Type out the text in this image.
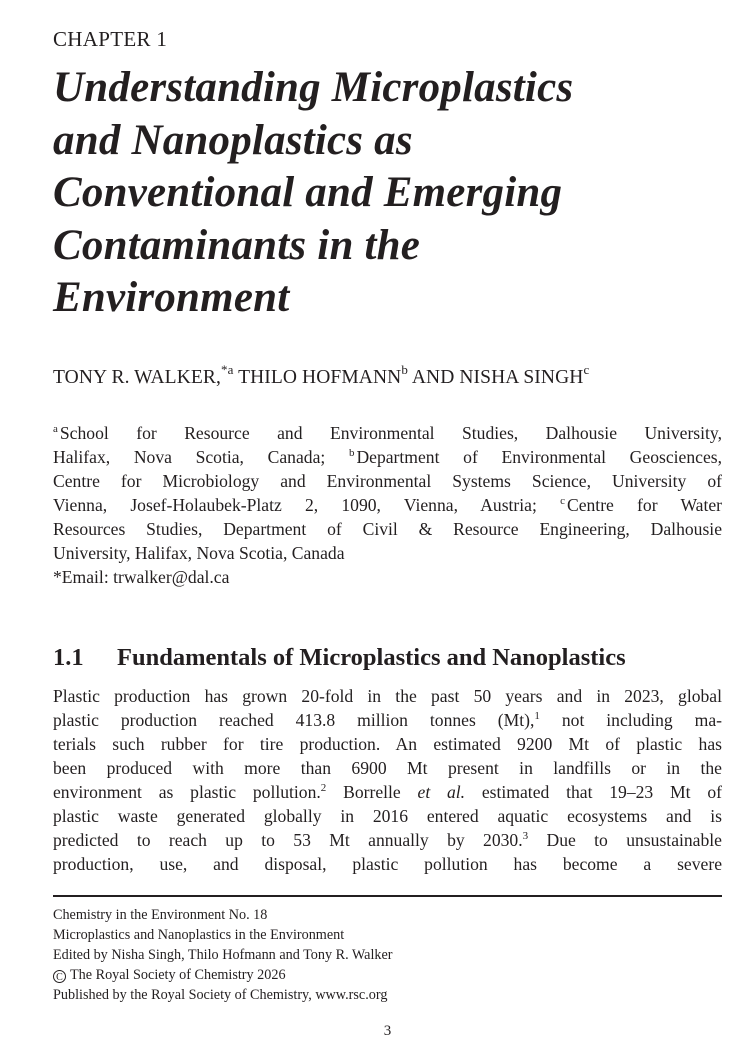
CHAPTER 1
Understanding Microplastics
and Nanoplastics as
Conventional and Emerging
Contaminants in the
Environment
TONY R. WALKER,$^{*a}$ THILO HOFMANN$^b$ AND NISHA SINGH$^c$
$^a$ School for Resource and Environmental Studies, Dalhousie University,
Halifax, Nova Scotia, Canada; $^b$ Department of Environmental Geosciences,
Centre for Microbiology and Environmental Systems Science, University of
Vienna, Josef-Holaubek-Platz 2, 1090, Vienna, Austria; $^c$ Centre for Water
Resources Studies, Department of Civil & Resource Engineering, Dalhousie
University, Halifax, Nova Scotia, Canada
*Email: trwalker@dal.ca
1.1 Fundamentals of Microplastics and Nanoplastics
Plastic production has grown 20-fold in the past 50 years and in 2023, global
plastic production reached 413.8 million tonnes (Mt),$^1$ not including ma-
terials such rubber for tire production. An estimated 9200 Mt of plastic has
been produced with more than 6900 Mt present in landfills or in the
environment as plastic pollution.$^2$ Borrelle et al. estimated that 19–23 Mt of
plastic waste generated globally in 2016 entered aquatic ecosystems and is
predicted to reach up to 53 Mt annually by 2030.$^3$ Due to unsustainable
production, use, and disposal, plastic pollution has become a severe
Chemistry in the Environment No. 18
Microplastics and Nanoplastics in the Environment
Edited by Nisha Singh, Thilo Hofmann and Tony R. Walker
C The Royal Society of Chemistry 2026
Published by the Royal Society of Chemistry, www.rsc.org
3
